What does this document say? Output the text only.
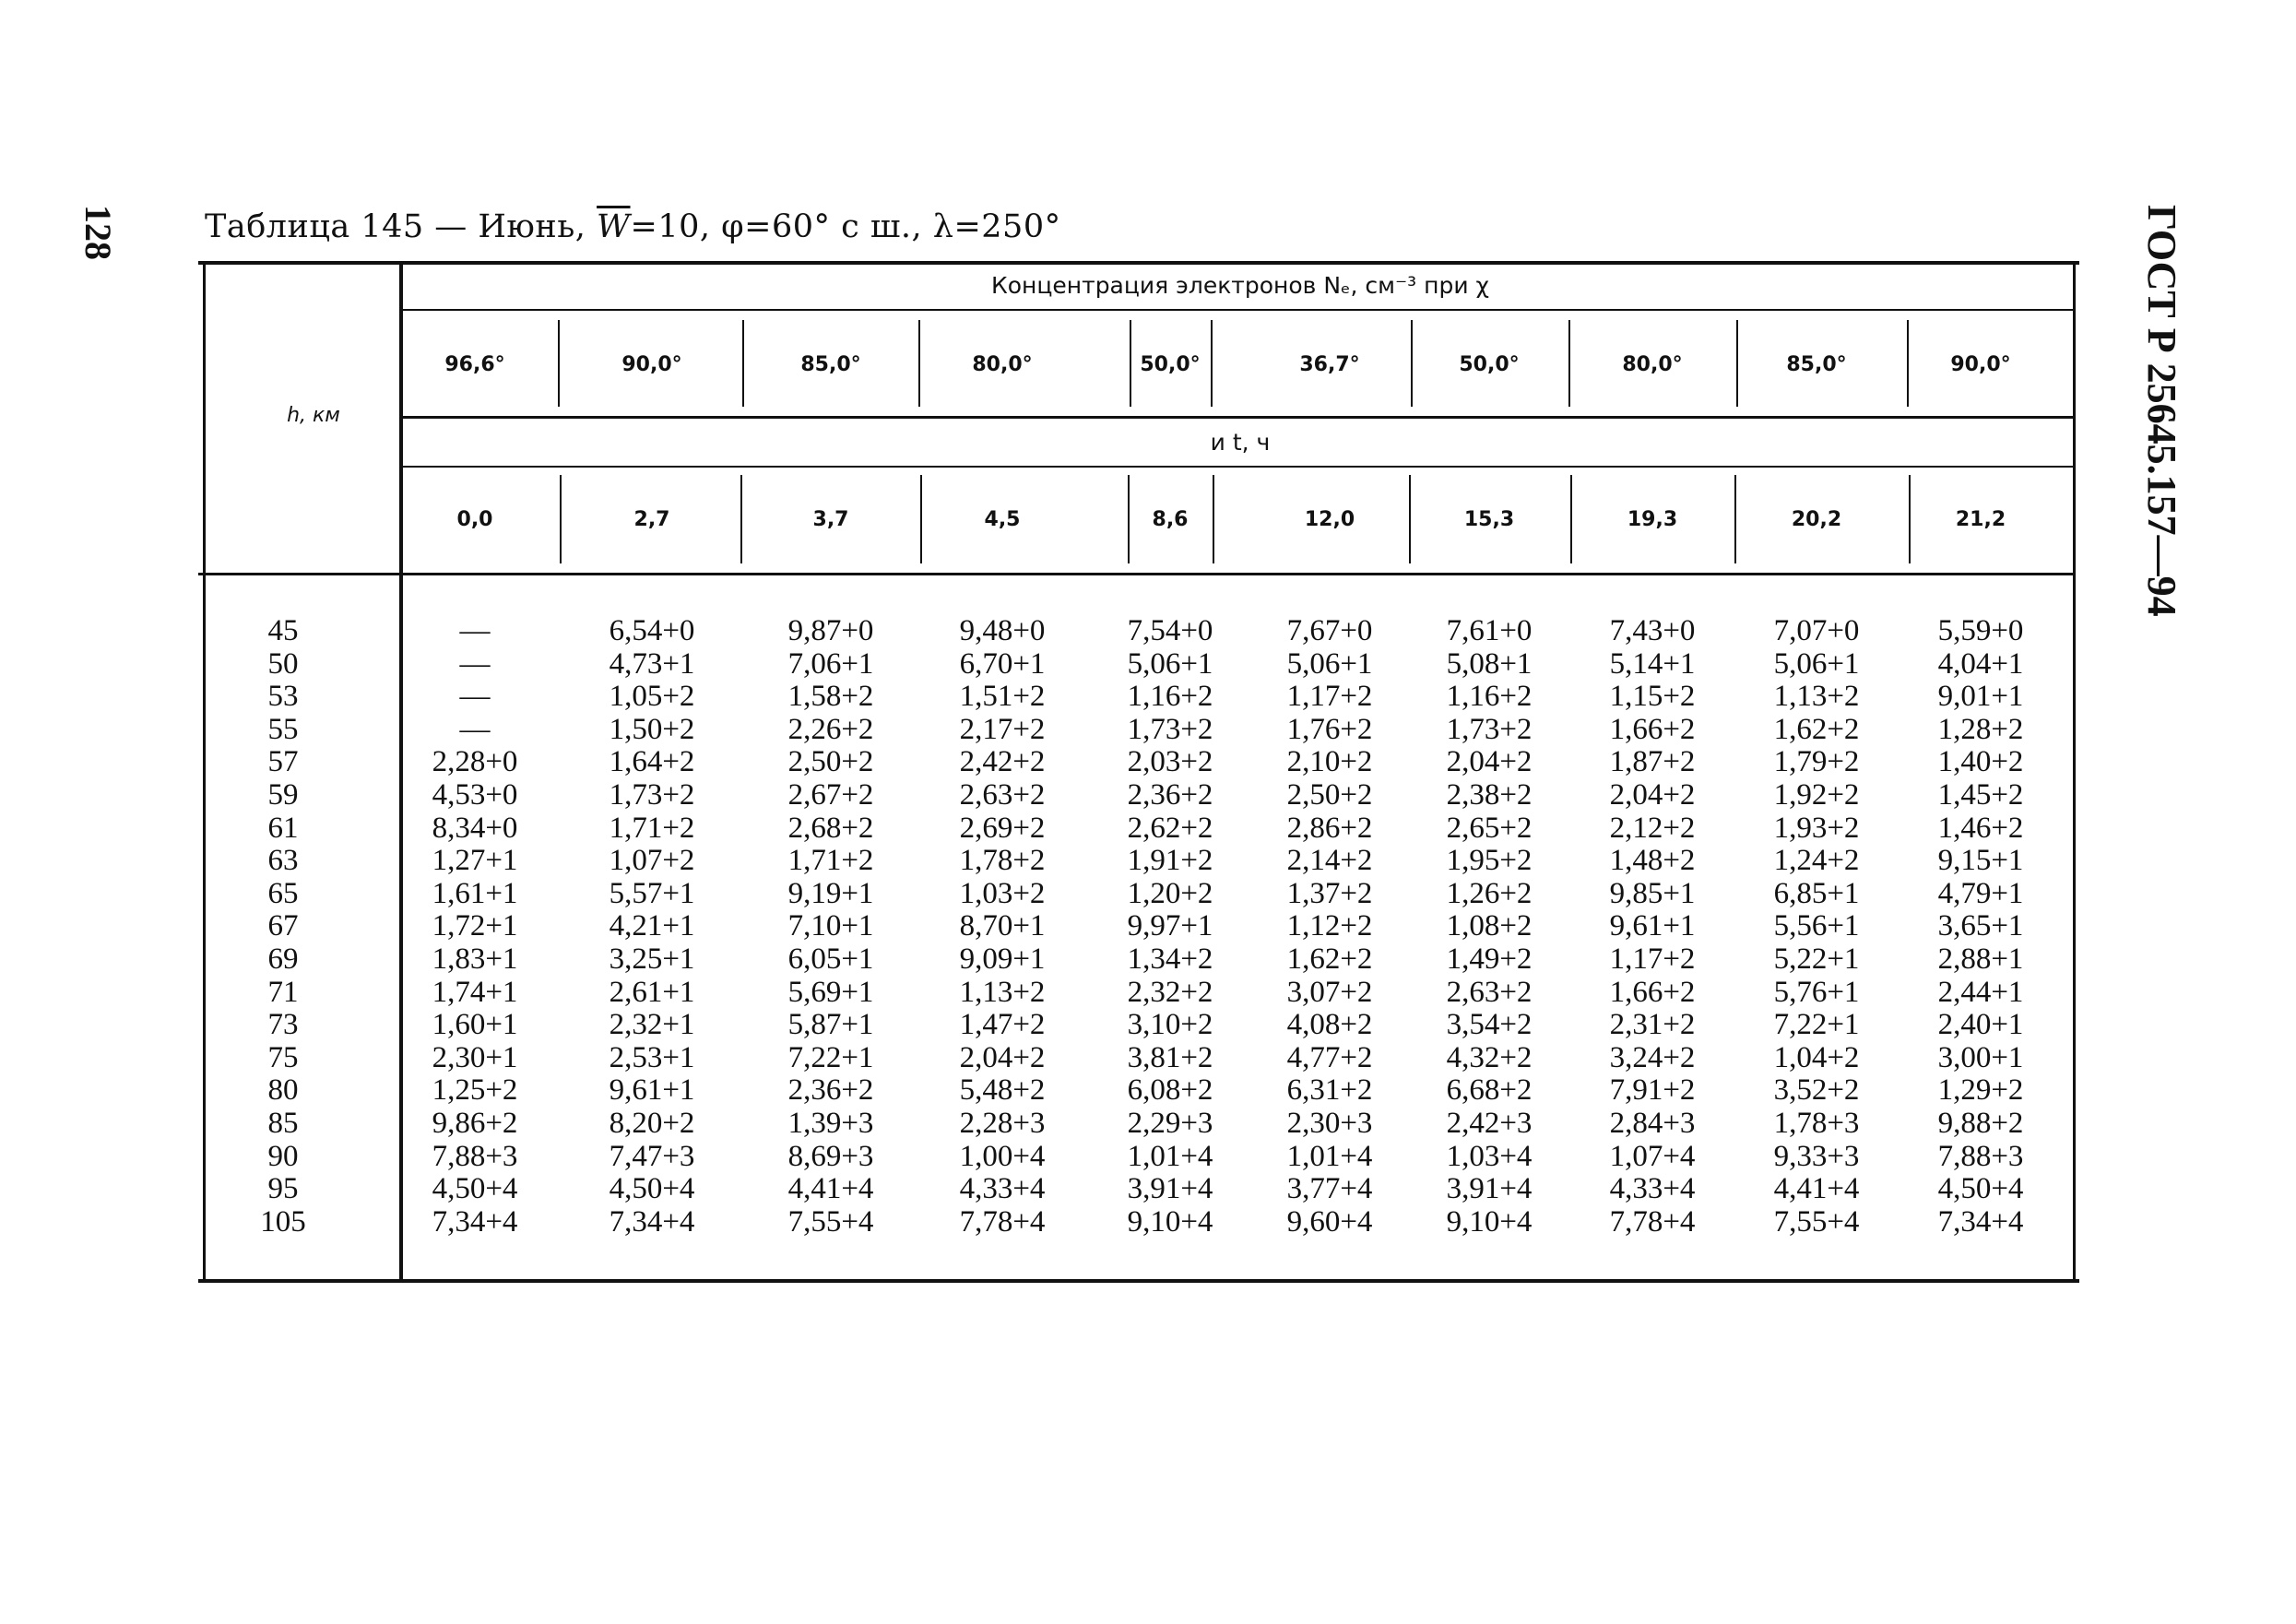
128	ГОСТ Р 25645.157—94
Таблица 145 — Июнь, $\overline{W}=10$, φ=60° с ш., λ=250°
h, км
Концентрация электронов Nₑ, см⁻³ при χ
и t, ч
96,6°	90,0°	85,0°	80,0°	50,0°	36,7°	50,0°	80,0°	85,0°	90,0°
0,0	2,7	3,7	4,5	8,6	12,0	15,3	19,3	20,2	21,2
45	—	6,54+0	9,87+0	9,48+0	7,54+0 7,67+0 7,61+0	7,43+0	7,07+0	5,59+0
50	—	4,73+1	7,06+1	6,70+1	5,06+1 5,06+1 5,08+1	5,14+1	5,06+1	4,04+1
53	—	1,05+2	1,58+2	1,51+2	1,16+2 1,17+2 1,16+2	1,15+2	1,13+2	9,01+1
55	—	1,50+2	2,26+2	2,17+2	1,73+2 1,76+2 1,73+2	1,66+2	1,62+2	1,28+2
57	2,28+0	1,64+2	2,50+2	2,42+2	2,03+2 2,10+2 2,04+2	1,87+2	1,79+2	1,40+2
59	4,53+0	1,73+2	2,67+2	2,63+2	2,36+2 2,50+2 2,38+2	2,04+2	1,92+2	1,45+2
61	8,34+0	1,71+2	2,68+2	2,69+2	2,62+2 2,86+2 2,65+2	2,12+2	1,93+2	1,46+2
63	1,27+1	1,07+2	1,71+2	1,78+2	1,91+2 2,14+2 1,95+2	1,48+2	1,24+2	9,15+1
65	1,61+1	5,57+1	9,19+1	1,03+2	1,20+2 1,37+2 1,26+2	9,85+1	6,85+1	4,79+1
67	1,72+1	4,21+1	7,10+1	8,70+1	9,97+1 1,12+2 1,08+2	9,61+1	5,56+1	3,65+1
69	1,83+1	3,25+1	6,05+1	9,09+1	1,34+2 1,62+2 1,49+2	1,17+2	5,22+1	2,88+1
71	1,74+1	2,61+1	5,69+1	1,13+2	2,32+2 3,07+2 2,63+2	1,66+2	5,76+1	2,44+1
73	1,60+1	2,32+1	5,87+1	1,47+2	3,10+2 4,08+2 3,54+2	2,31+2	7,22+1	2,40+1
75	2,30+1	2,53+1	7,22+1	2,04+2	3,81+2 4,77+2 4,32+2	3,24+2	1,04+2	3,00+1
80	1,25+2	9,61+1	2,36+2	5,48+2	6,08+2 6,31+2 6,68+2	7,91+2	3,52+2	1,29+2
85	9,86+2	8,20+2	1,39+3	2,28+3	2,29+3 2,30+3 2,42+3	2,84+3	1,78+3	9,88+2
90	7,88+3	7,47+3	8,69+3	1,00+4	1,01+4 1,01+4 1,03+4	1,07+4	9,33+3	7,88+3
95	4,50+4	4,50+4	4,41+4	4,33+4	3,91+4 3,77+4 3,91+4	4,33+4	4,41+4	4,50+4
105	7,34+4	7,34+4	7,55+4	7,78+4	9,10+4 9,60+4 9,10+4	7,78+4	7,55+4	7,34+4
